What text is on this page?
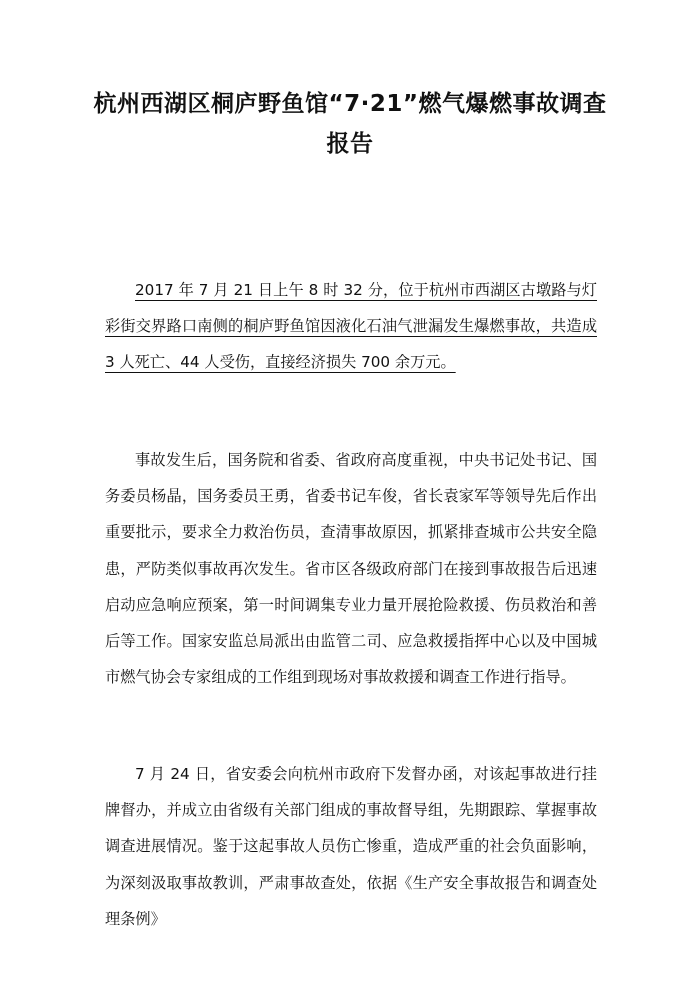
杭州西湖区桐庐野鱼馆“7·21”燃气爆燃事故调查
报告

2017 年 7 月 21 日上午 8 时 32 分，位于杭州市西湖区古墩路与灯彩街交界路口南侧的桐庐野鱼馆因液化石油气泄漏发生爆燃事故，共造成 3 人死亡、44 人受伤，直接经济损失 700 余万元。

事故发生后，国务院和省委、省政府高度重视，中央书记处书记、国务委员杨晶，国务委员王勇，省委书记车俊，省长袁家军等领导先后作出重要批示，要求全力救治伤员，查清事故原因，抓紧排查城市公共安全隐患，严防类似事故再次发生。省市区各级政府部门在接到事故报告后迅速启动应急响应预案，第一时间调集专业力量开展抢险救援、伤员救治和善后等工作。国家安监总局派出由监管二司、应急救援指挥中心以及中国城市燃气协会专家组成的工作组到现场对事故救援和调查工作进行指导。

7 月 24 日，省安委会向杭州市政府下发督办函，对该起事故进行挂牌督办，并成立由省级有关部门组成的事故督导组，先期跟踪、掌握事故调查进展情况。鉴于这起事故人员伤亡惨重，造成严重的社会负面影响，为深刻汲取事故教训，严肃事故查处，依据《生产安全事故报告和调查处理条例》
